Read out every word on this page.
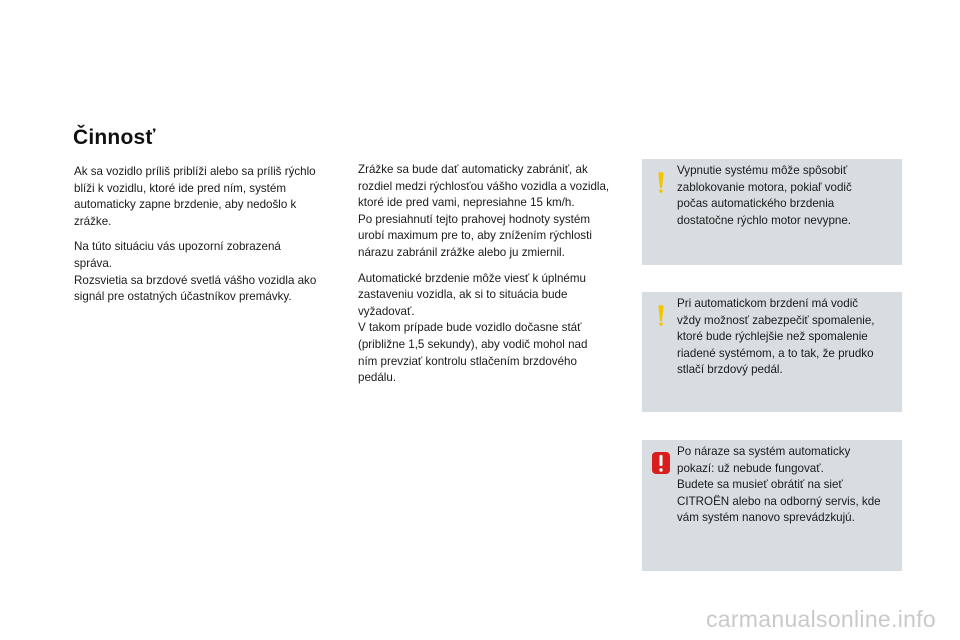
Činnosť

Ak sa vozidlo príliš priblíži alebo sa príliš rýchlo
blíži k vozidlu, ktoré ide pred ním, systém
automaticky zapne brzdenie, aby nedošlo k
zrážke.

Na túto situáciu vás upozorní zobrazená
správa.
Rozsvietia sa brzdové svetlá vášho vozidla ako
signál pre ostatných účastníkov premávky.

Zrážke sa bude dať automaticky zabrániť, ak
rozdiel medzi rýchlosťou vášho vozidla a vozidla,
ktoré ide pred vami, nepresiahne 15 km/h.
Po presiahnutí tejto prahovej hodnoty systém
urobí maximum pre to, aby znížením rýchlosti
nárazu zabránil zrážke alebo ju zmiernil.

Automatické brzdenie môže viesť k úplnému
zastaveniu vozidla, ak si to situácia bude
vyžadovať.
V takom prípade bude vozidlo dočasne stáť
(približne 1,5 sekundy), aby vodič mohol nad
ním prevziať kontrolu stlačením brzdového
pedálu.

Vypnutie systému môže spôsobiť
zablokovanie motora, pokiaľ vodič
počas automatického brzdenia
dostatočne rýchlo motor nevypne.
Pri automatickom brzdení má vodič
vždy možnosť zabezpečiť spomalenie,
ktoré bude rýchlejšie než spomalenie
riadené systémom, a to tak, že prudko
stlačí brzdový pedál.
Po náraze sa systém automaticky
pokazí: už nebude fungovať.
Budete sa musieť obrátiť na sieť
CITROËN alebo na odborný servis, kde
vám systém nanovo sprevádzkujú.
carmanualsonline.info
